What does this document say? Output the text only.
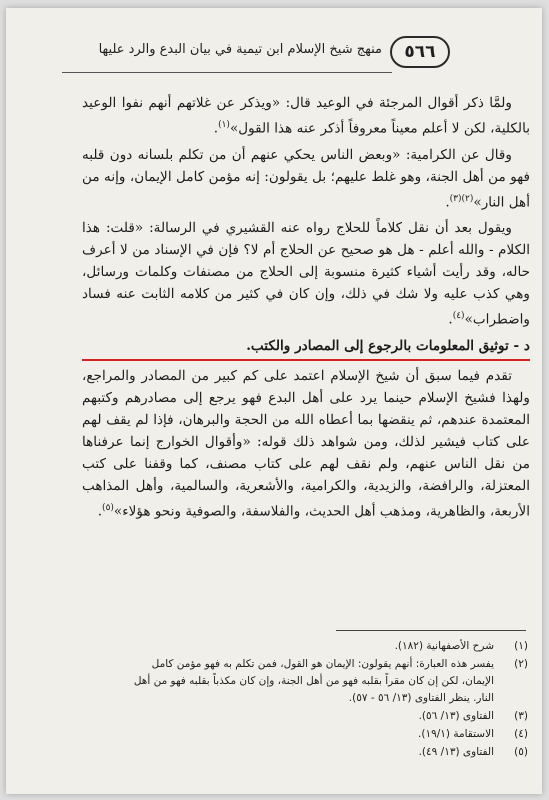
منهج شيخ الإسلام ابن تيمية في بيان البدع والرد عليها	٥٦٦

ولمَّا ذكر أقوال المرجئة في الوعيد قال: «ويذكر عن غلاتهم أنهم نفوا الوعيد بالكلية، لكن لا أعلم معيناً معروفاً أذكر عنه هذا القول»$^{(١)}$.

وقال عن الكرامية: «وبعض الناس يحكي عنهم أن من تكلم بلسانه دون قلبه فهو من أهل الجنة، وهو غلط عليهم؛ بل يقولون: إنه مؤمن كامل الإيمان، وإنه من أهل النار»$^{(٢)(٣)}$.

ويقول بعد أن نقل كلاماً للحلاج رواه عنه القشيري في الرسالة: «قلت: هذا الكلام - والله أعلم - هل هو صحيح عن الحلاج أم لا؟ فإن في الإسناد من لا أعرف حاله، وقد رأيت أشياء كثيرة منسوبة إلى الحلاج من مصنفات وكلمات ورسائل، وهي كذب عليه ولا شك في ذلك، وإن كان في كثير من كلامه الثابت عنه فساد واضطراب»$^{(٤)}$.

د - توثيق المعلومات بالرجوع إلى المصادر والكتب.

تقدم فيما سبق أن شيخ الإسلام اعتمد على كم كبير من المصادر والمراجع، ولهذا فشيخ الإسلام حينما يرد على أهل البدع فهو يرجع إلى مصادرهم وكتبهم المعتمدة عندهم، ثم ينقضها بما أعطاه الله من الحجة والبرهان، فإذا لم يقف لهم على كتاب فيشير لذلك، ومن شواهد ذلك قوله: «وأقوال الخوارج إنما عرفناها من نقل الناس عنهم، ولم نقف لهم على كتاب مصنف، كما وقفنا على كتب المعتزلة، والرافضة، والزيدية، والكرامية، والأشعرية، والسالمية، وأهل المذاهب الأربعة، والظاهرية، ومذهب أهل الحديث، والفلاسفة، والصوفية ونحو هؤلاء»$^{(٥)}$.

(١)
شرح الأصفهانية (١٨٢).
(٢)
يفسر هذه العبارة: أنهم يقولون: الإيمان هو القول، فمن تكلم به فهو مؤمن كامل
الإيمان، لكن إن كان مقراً بقلبه فهو من أهل الجنة، وإن كان مكذباً بقلبه فهو من أهل
النار. ينظر الفتاوى (١٣/ ٥٦ - ٥٧).
(٣)
الفتاوى (١٣/ ٥٦).
(٤)
الاستقامة (١٩/١).
(٥)
الفتاوى (١٣/ ٤٩).
